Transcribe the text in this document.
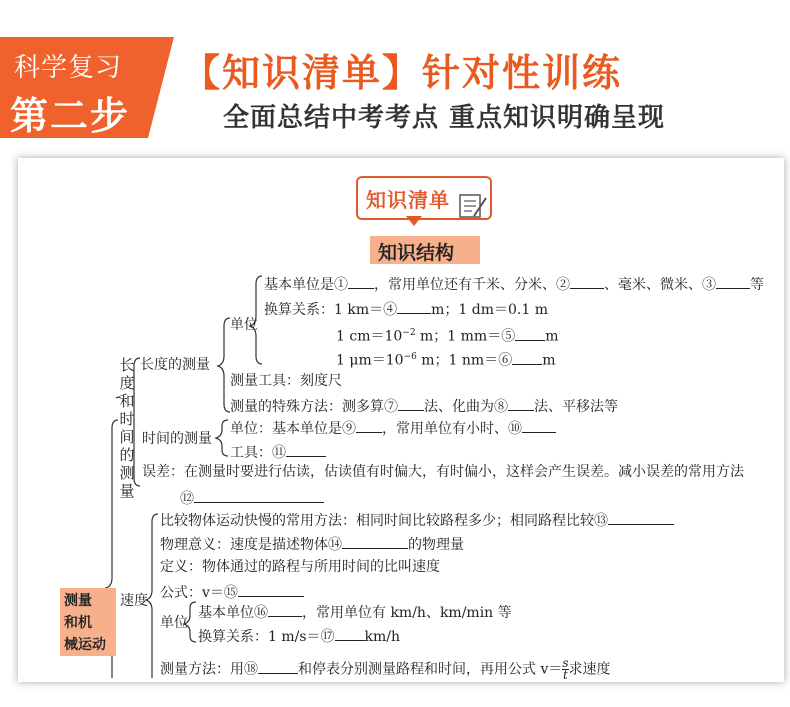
科学复习
第二步
【知识清单】针对性训练
全面总结中考考点 重点知识明确呈现
知识清单
知识结构
长度和时间的测量
长度的测量
单位
基本单位是① ，常用单位还有千米、分米、② 、毫米、微米、③ 等
换算关系：1 km＝④ m；1 dm＝0.1 m
1 $cm=10^{-2}$ m；1 mm＝⑤ m
1 $\mu m=10^{-6}$ m；1 nm＝⑥ m
测量工具：刻度尺
测量的特殊方法：测多算⑦ 法、化曲为⑧ 法、平移法等
时间的测量
单位：基本单位是⑨ ，常用单位有小时、⑩
工具：⑪
误差：在测量时要进行估读，估读值有时偏大，有时偏小，这样会产生误差。减小误差的常用方法
⑫
测量
和机
械运动
速度
比较物体运动快慢的常用方法：相同时间比较路程多少；相同路程比较⑬
物理意义：速度是描述物体⑭	的物理量
定义：物体通过的路程与所用时间的比叫速度
公式：v＝⑮
单位
基本单位⑯ ，常用单位有 km/h、km/min 等
换算关系：1 m/s＝⑰ km/h
测量方法：用⑱	和停表分别测量路程和时间，再用公式 $v= \frac{s}{t}$ 求速度
